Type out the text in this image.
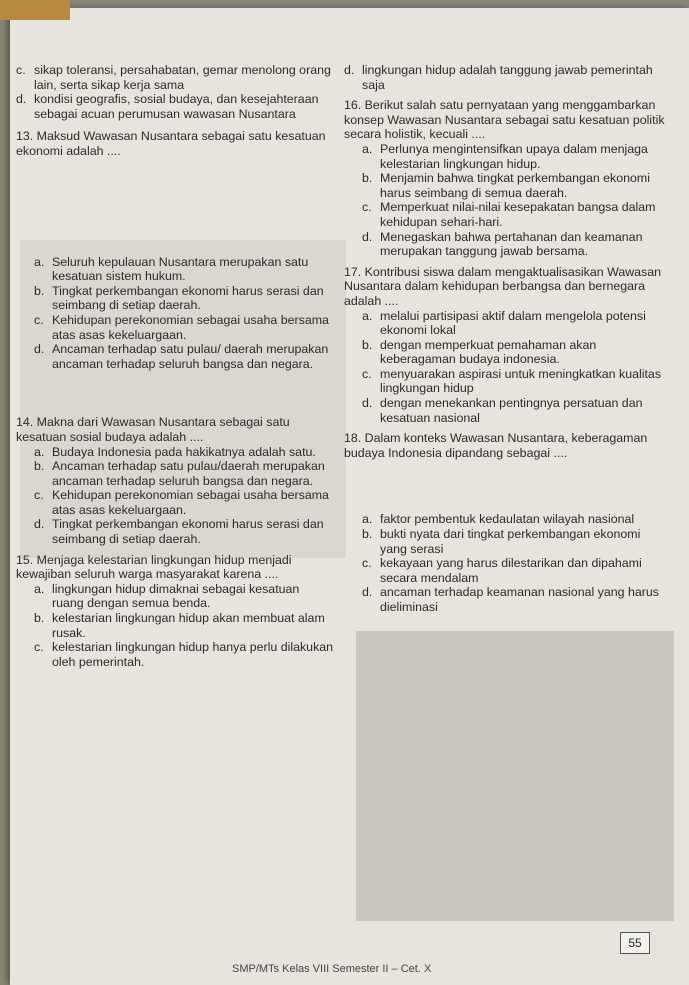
c. sikap toleransi, persahabatan, gemar menolong orang lain, serta sikap kerja sama
d. kondisi geografis, sosial budaya, dan kesejahteraan sebagai acuan perumusan wawasan Nusantara
13. Maksud Wawasan Nusantara sebagai satu kesatuan ekonomi adalah ....
a. Seluruh kepulauan Nusantara merupakan satu kesatuan sistem hukum.
b. Tingkat perkembangan ekonomi harus serasi dan seimbang di setiap daerah.
c. Kehidupan perekonomian sebagai usaha bersama atas asas kekeluargaan.
d. Ancaman terhadap satu pulau/ daerah merupakan ancaman terhadap seluruh bangsa dan negara.
14. Makna dari Wawasan Nusantara sebagai satu kesatuan sosial budaya adalah ....
a. Budaya Indonesia pada hakikatnya adalah satu.
b. Ancaman terhadap satu pulau/daerah merupakan ancaman terhadap seluruh bangsa dan negara.
c. Kehidupan perekonomian sebagai usaha bersama atas asas kekeluargaan.
d. Tingkat perkembangan ekonomi harus serasi dan seimbang di setiap daerah.
15. Menjaga kelestarian lingkungan hidup menjadi kewajiban seluruh warga masyarakat karena ....
a. lingkungan hidup dimaknai sebagai kesatuan ruang dengan semua benda.
b. kelestarian lingkungan hidup akan membuat alam rusak.
c. kelestarian lingkungan hidup hanya perlu dilakukan oleh pemerintah.
d. lingkungan hidup adalah tanggung jawab pemerintah saja
16. Berikut salah satu pernyataan yang menggambarkan konsep Wawasan Nusantara sebagai satu kesatuan politik secara holistik, kecuali ....
a. Perlunya mengintensifkan upaya dalam menjaga kelestarian lingkungan hidup.
b. Menjamin bahwa tingkat perkembangan ekonomi harus seimbang di semua daerah.
c. Memperkuat nilai-nilai kesepakatan bangsa dalam kehidupan sehari-hari.
d. Menegaskan bahwa pertahanan dan keamanan merupakan tanggung jawab bersama.
17. Kontribusi siswa dalam mengaktualisasikan Wawasan Nusantara dalam kehidupan berbangsa dan bernegara adalah ....
a. melalui partisipasi aktif dalam mengelola potensi ekonomi lokal
b. dengan memperkuat pemahaman akan keberagaman budaya indonesia.
c. menyuarakan aspirasi untuk meningkatkan kualitas lingkungan hidup
d. dengan menekankan pentingnya persatuan dan kesatuan nasional
18. Dalam konteks Wawasan Nusantara, keberagaman budaya Indonesia dipandang sebagai ....
a. faktor pembentuk kedaulatan wilayah nasional
b. bukti nyata dari tingkat perkembangan ekonomi yang serasi
c. kekayaan yang harus dilestarikan dan dipahami secara mendalam
d. ancaman terhadap keamanan nasional yang harus dieliminasi
55
SMP/MTs Kelas VIII Semester II – Cet. X
